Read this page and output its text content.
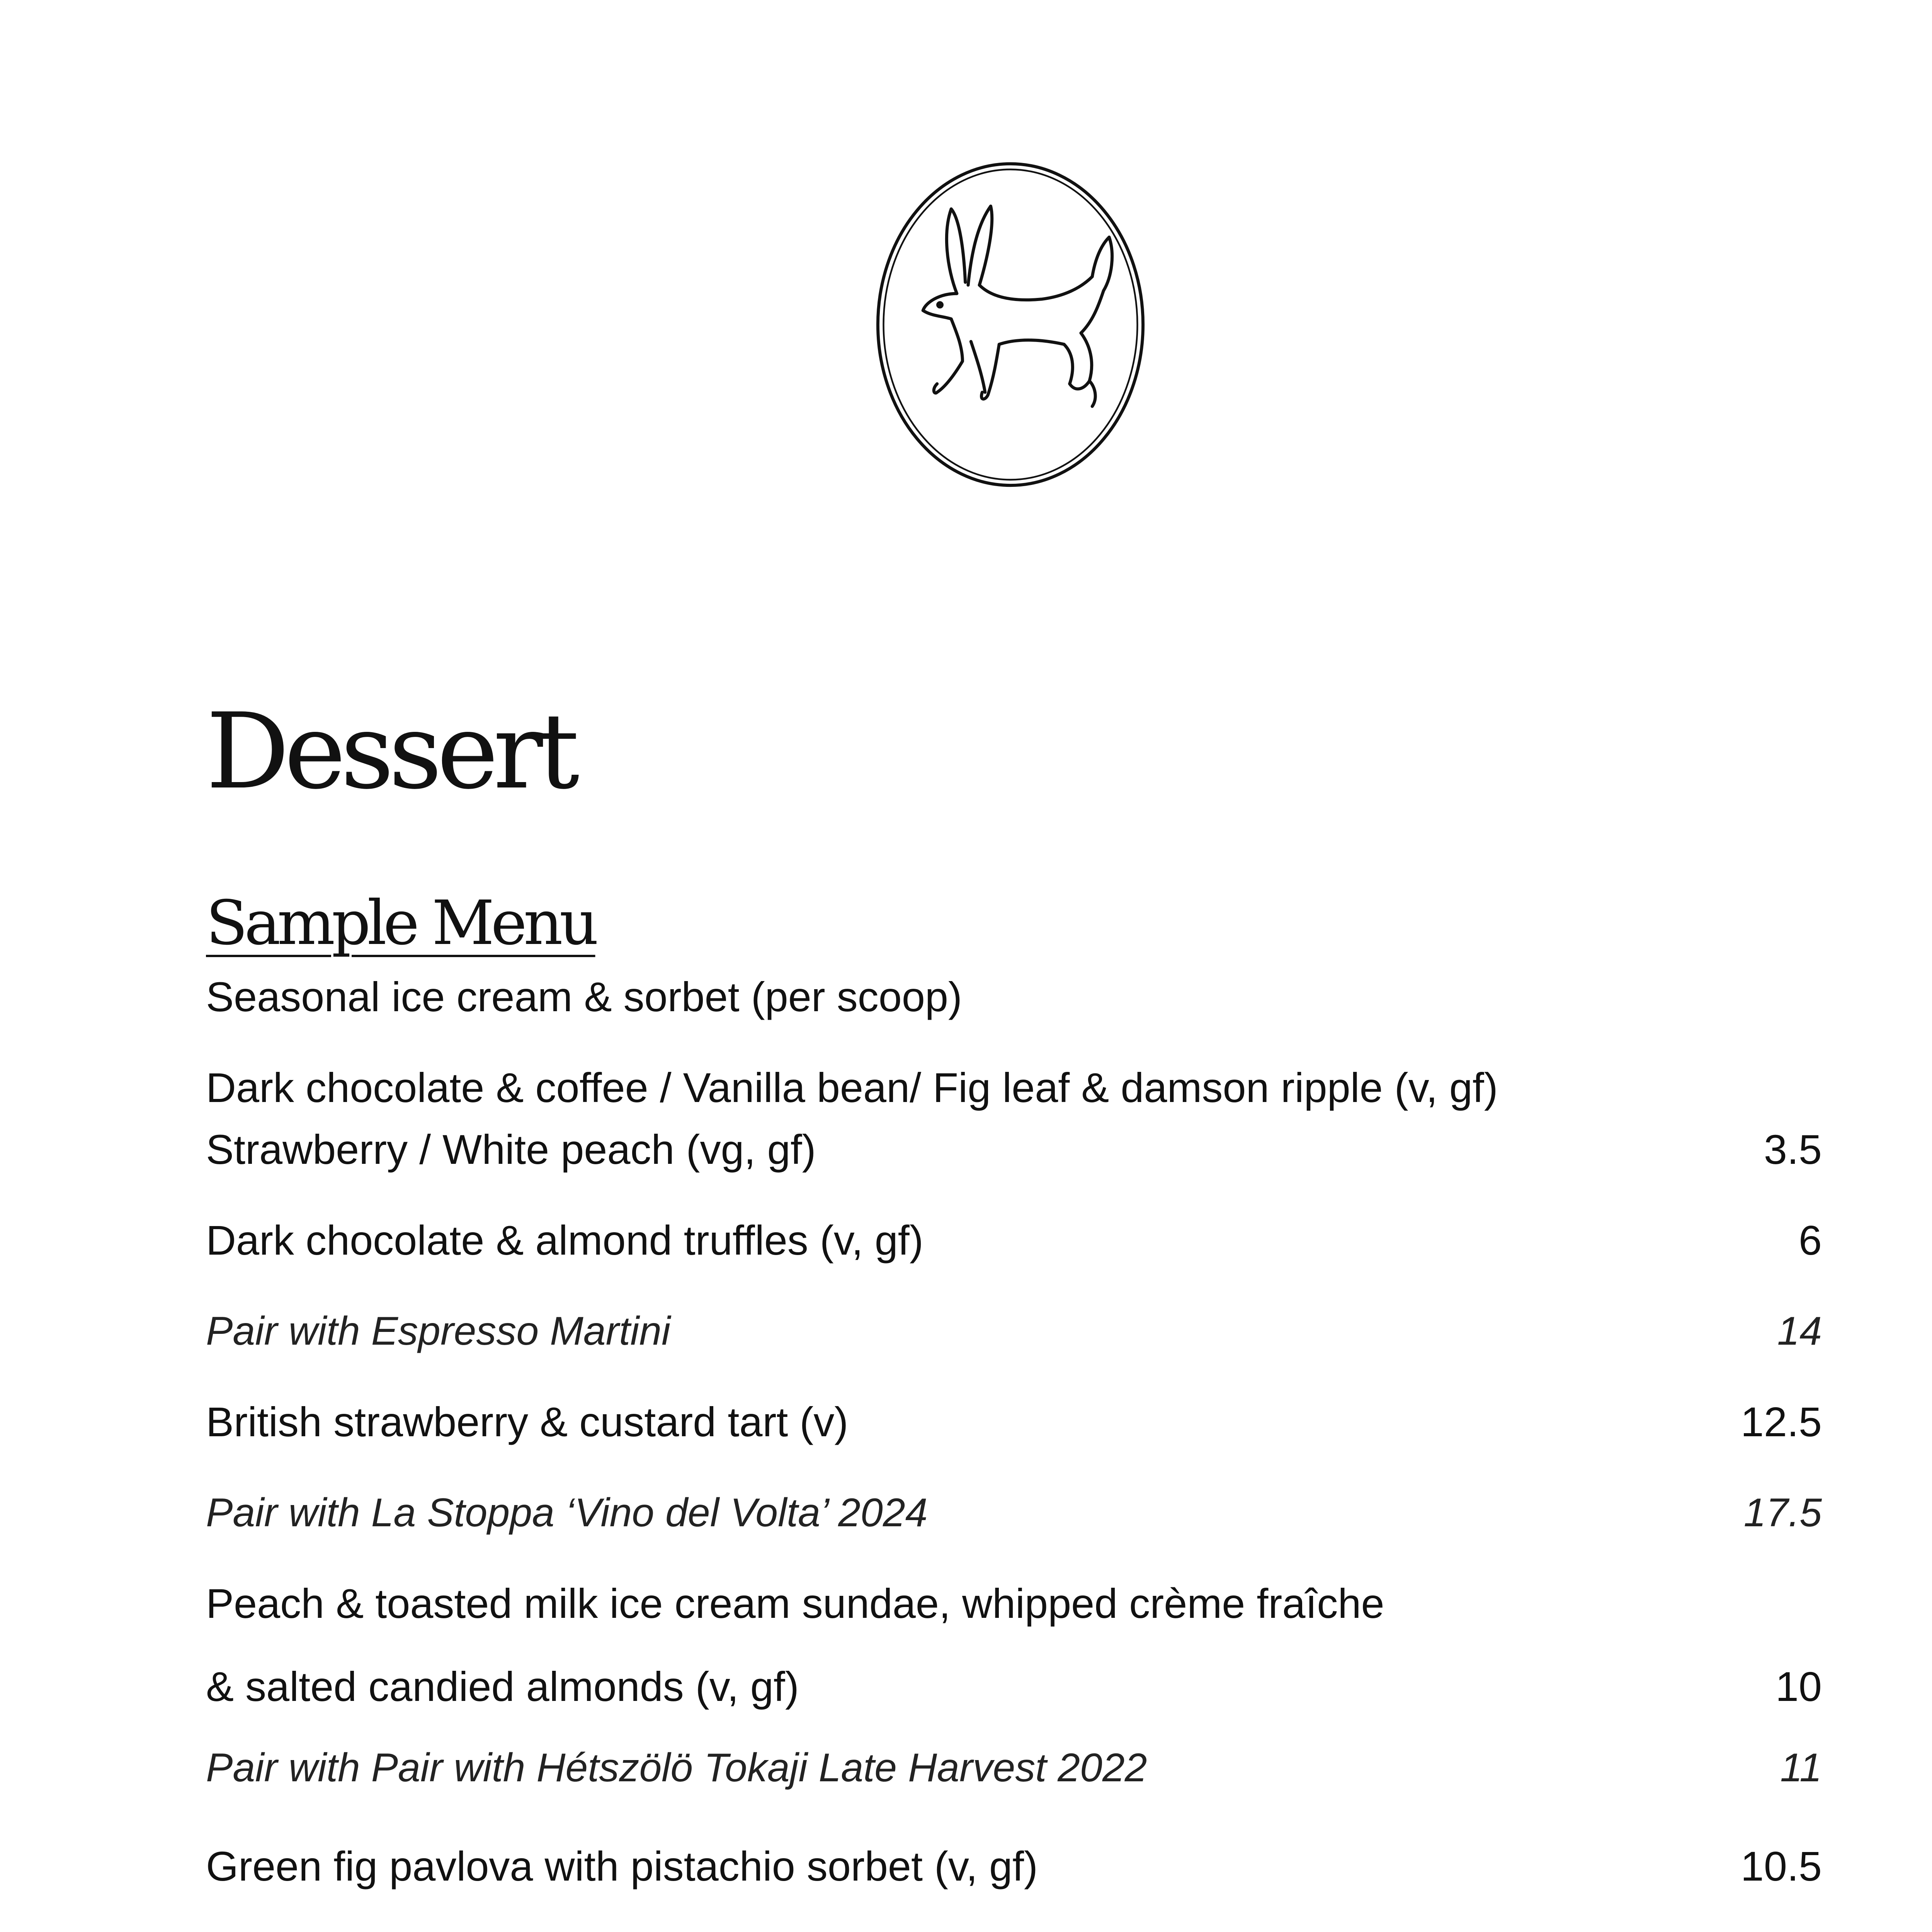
Dessert
Sample Menu
Seasonal ice cream & sorbet (per scoop)
Dark chocolate & coffee / Vanilla bean/ Fig leaf & damson ripple (v, gf)
Strawberry / White peach (vg, gf)	3.5
Dark chocolate & almond truffles (v, gf)	6
Pair with Espresso Martini	14
British strawberry & custard tart (v)	12.5
Pair with La Stoppa ‘Vino del Volta’ 2024	17.5
Peach & toasted milk ice cream sundae, whipped crème fraîche
& salted candied almonds (v, gf)	10
Pair with Pair with Hétszölö Tokaji Late Harvest 2022	11
Green fig pavlova with pistachio sorbet (v, gf)	10.5
